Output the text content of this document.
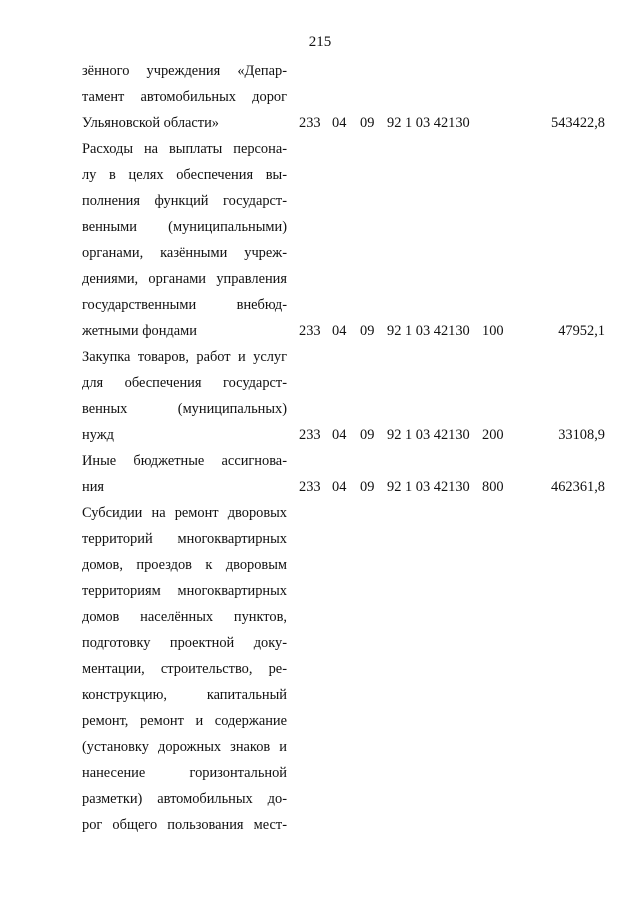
215
зённого учреждения «Депар-
тамент автомобильных дорог
Ульяновской области»	233 04 09 92 1 03 42130	543422,8
Расходы на выплаты персона-
лу в целях обеспечения вы-
полнения функций государст-
венными (муниципальными)
органами, казёнными учреж-
дениями, органами управления
государственными внебюд-
жетными фондами	233 04 09 92 1 03 42130 100	47952,1
Закупка товаров, работ и услуг
для обеспечения государст-
венных (муниципальных)
нужд	233 04 09 92 1 03 42130 200	33108,9
Иные бюджетные ассигнова-
ния	233 04 09 92 1 03 42130 800	462361,8
Субсидии на ремонт дворовых
территорий многоквартирных
домов, проездов к дворовым
территориям многоквартирных
домов населённых пунктов,
подготовку проектной доку-
ментации, строительство, ре-
конструкцию, капитальный
ремонт, ремонт и содержание
(установку дорожных знаков и
нанесение горизонтальной
разметки) автомобильных до-
рог общего пользования мест-
